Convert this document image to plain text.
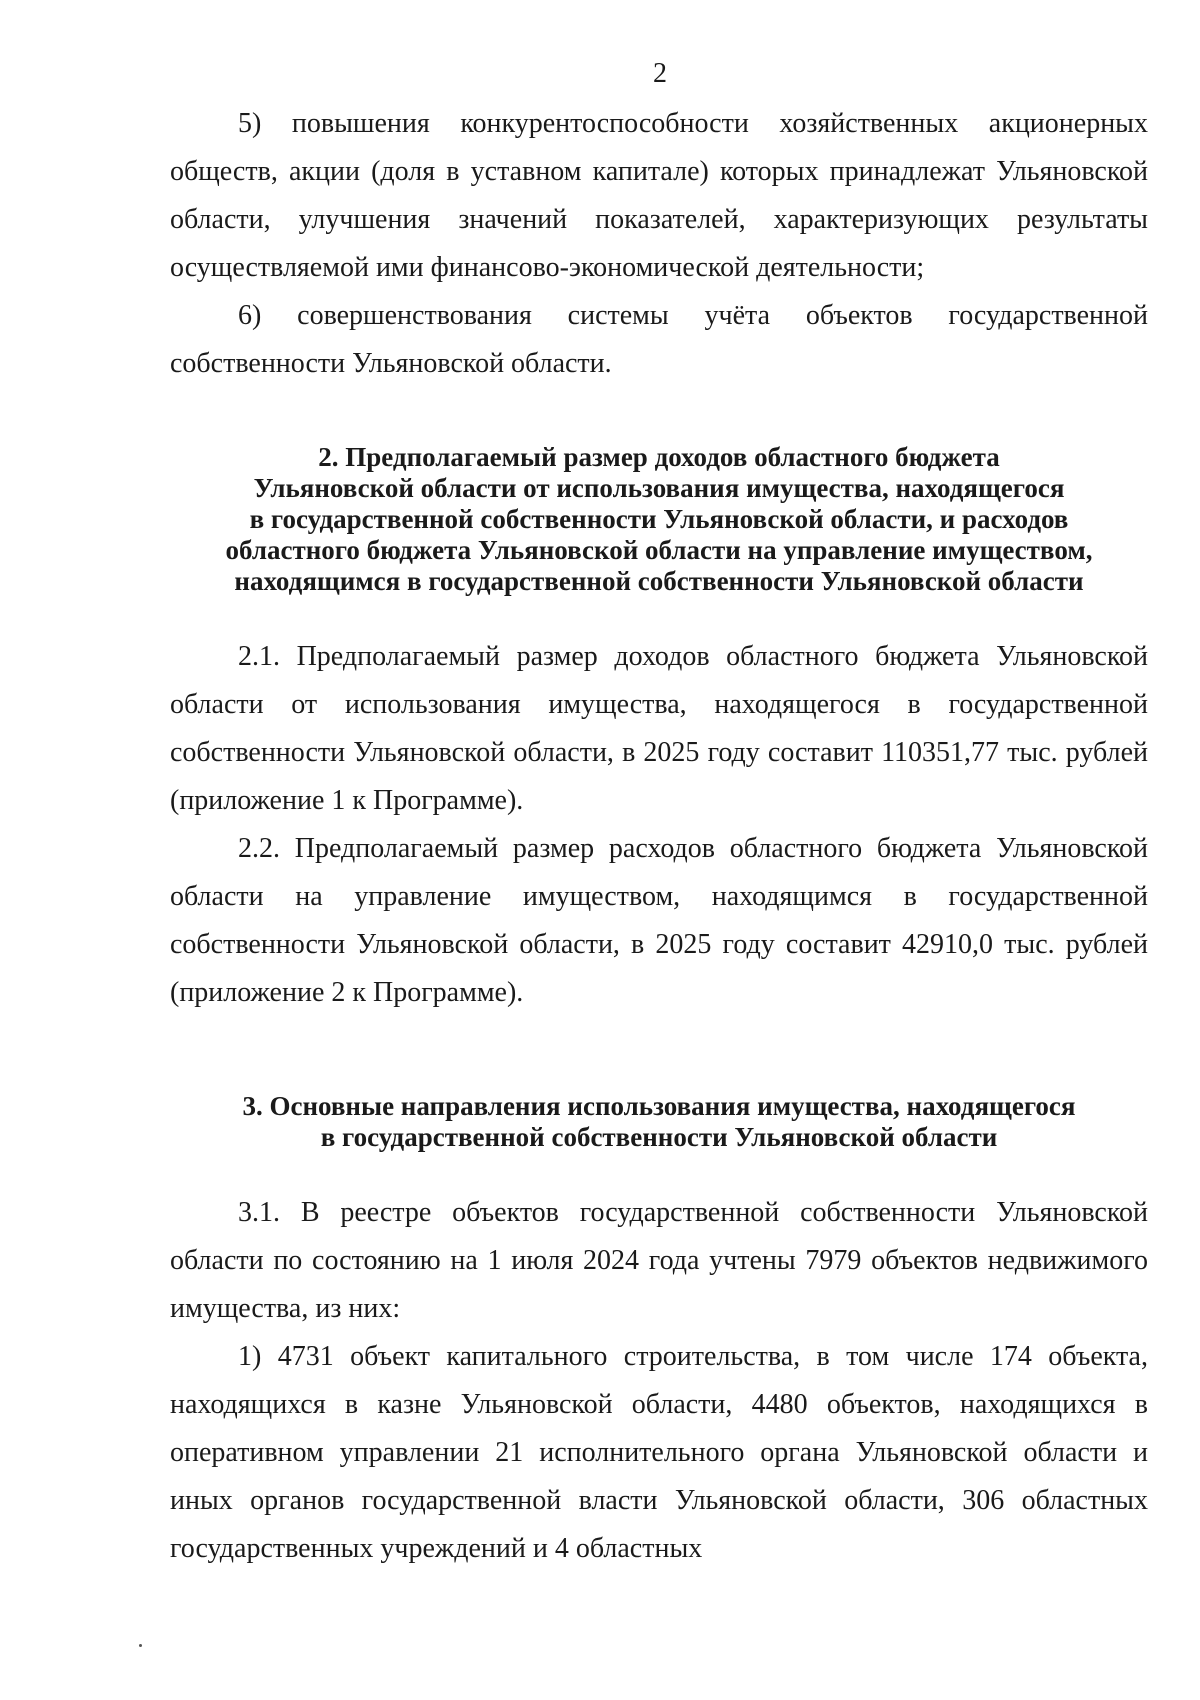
2

5) повышения конкурентоспособности хозяйственных акционерных обществ, акции (доля в уставном капитале) которых принадлежат Ульяновской области, улучшения значений показателей, характеризующих результаты осуществляемой ими финансово-экономической деятельности;

6) совершенствования системы учёта объектов государственной собственности Ульяновской области.

2. Предполагаемый размер доходов областного бюджета
Ульяновской области от использования имущества, находящегося
в государственной собственности Ульяновской области, и расходов
областного бюджета Ульяновской области на управление имуществом,
находящимся в государственной собственности Ульяновской области

2.1. Предполагаемый размер доходов областного бюджета Ульяновской области от использования имущества, находящегося в государственной собственности Ульяновской области, в 2025 году составит 110351,77 тыс. рублей (приложение 1 к Программе).

2.2. Предполагаемый размер расходов областного бюджета Ульяновской области на управление имуществом, находящимся в государственной собственности Ульяновской области, в 2025 году составит 42910,0 тыс. рублей (приложение 2 к Программе).

3. Основные направления использования имущества, находящегося
в государственной собственности Ульяновской области

3.1. В реестре объектов государственной собственности Ульяновской области по состоянию на 1 июля 2024 года учтены 7979 объектов недвижимого имущества, из них:

1) 4731 объект капитального строительства, в том числе 174 объекта, находящихся в казне Ульяновской области, 4480 объектов, находящихся в оперативном управлении 21 исполнительного органа Ульяновской области и иных органов государственной власти Ульяновской области, 306 областных государственных учреждений и 4 областных
